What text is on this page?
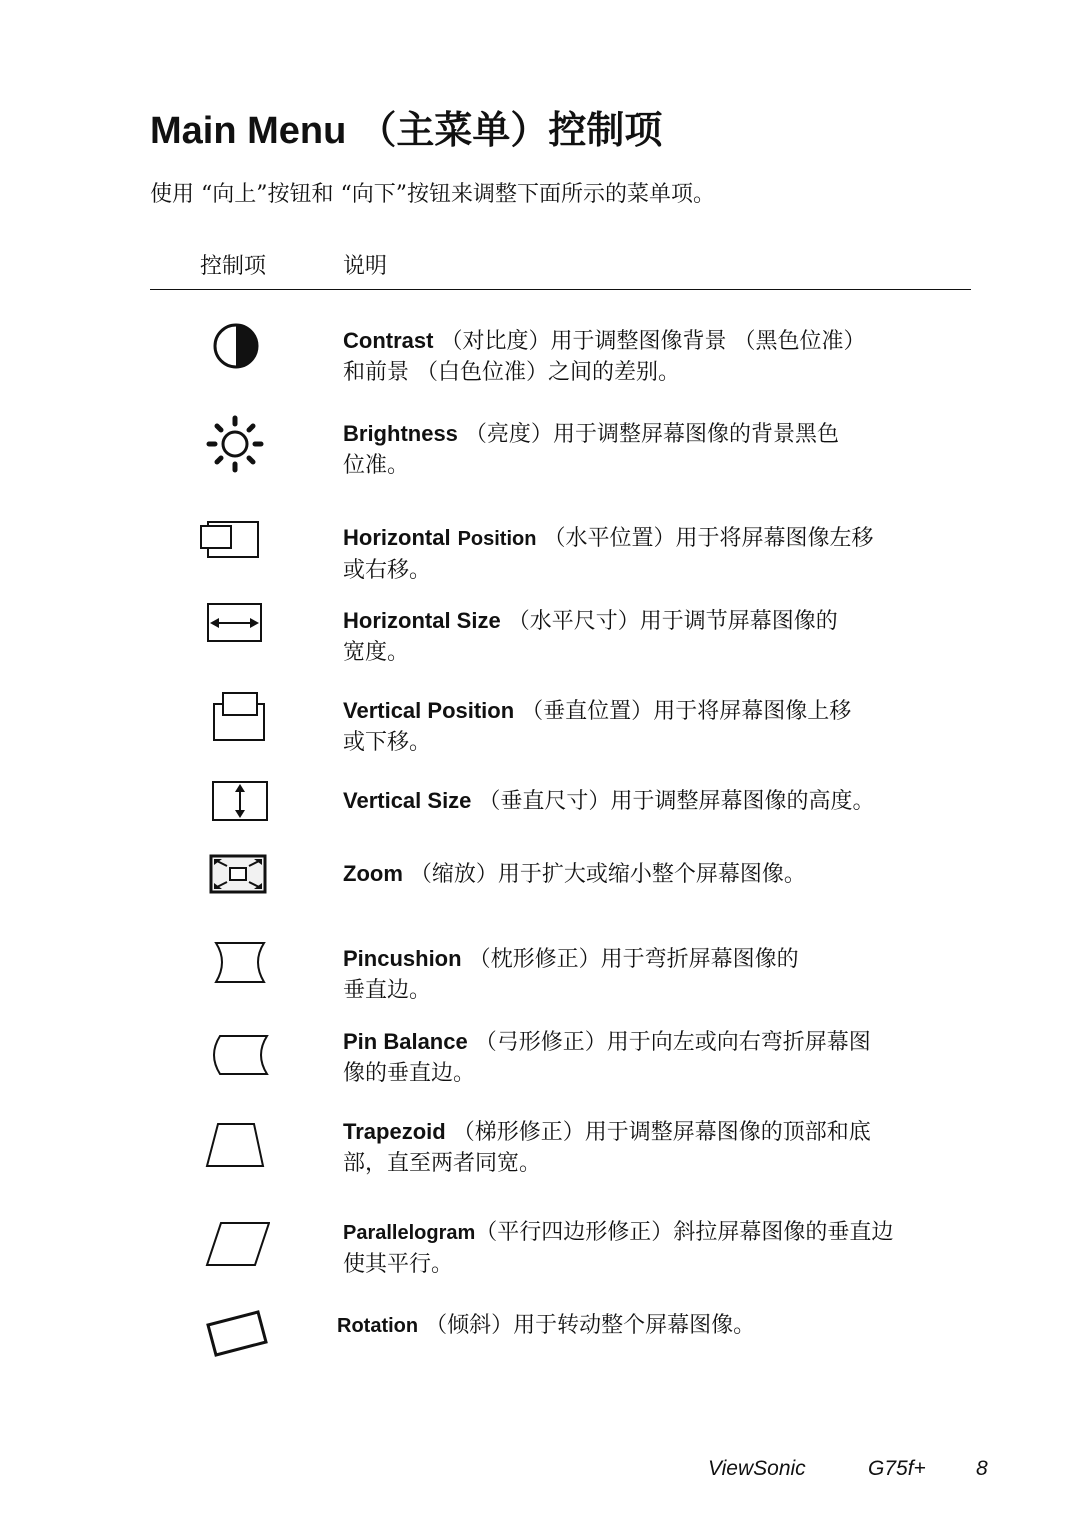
Main Menu （主菜单）控制项
使用 “向上”按钮和 “向下”按钮来调整下面所示的菜单项。
控制项	说明
Contrast （对比度）用于调整图像背景 （黑色位准）
和前景 （白色位准）之间的差别。
Brightness （亮度）用于调整屏幕图像的背景黑色
位准。
Horizontal Position （水平位置）用于将屏幕图像左移
或右移。
Horizontal Size （水平尺寸）用于调节屏幕图像的
宽度。
Vertical Position （垂直位置）用于将屏幕图像上移
或下移。
Vertical Size （垂直尺寸）用于调整屏幕图像的高度。
Zoom （缩放）用于扩大或缩小整个屏幕图像。
Pincushion （枕形修正）用于弯折屏幕图像的
垂直边。
Pin Balance （弓形修正）用于向左或向右弯折屏幕图
像的垂直边。
Trapezoid （梯形修正）用于调整屏幕图像的顶部和底
部，直至两者同宽。
Parallelogram（平行四边形修正）斜拉屏幕图像的垂直边
使其平行。
Rotation （倾斜）用于转动整个屏幕图像。
ViewSonic	G75f+ 8
